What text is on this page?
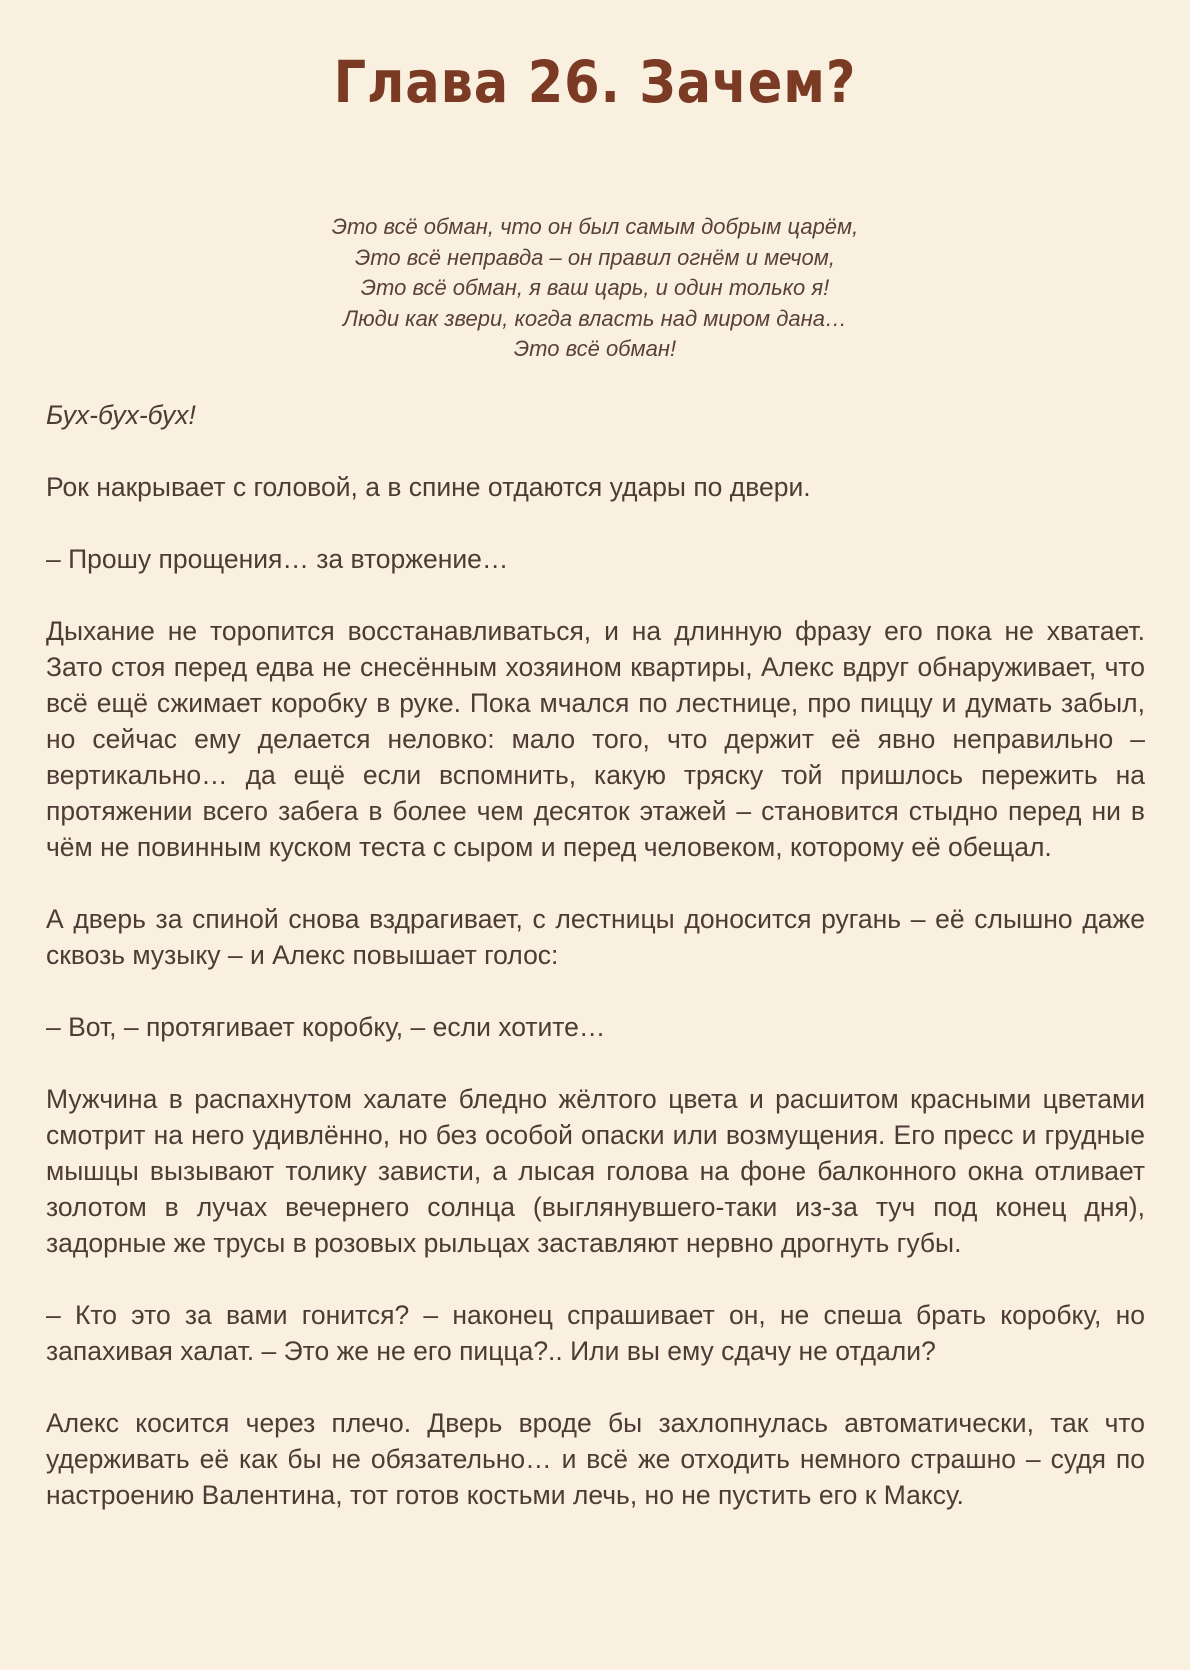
Глава 26. Зачем?
Это всё обман, что он был самым добрым царём,
Это всё неправда – он правил огнём и мечом,
Это всё обман, я ваш царь, и один только я!
Люди как звери, когда власть над миром дана…
Это всё обман!

Бух-бух-бух!

Рок накрывает с головой, а в спине отдаются удары по двери.

– Прошу прощения… за вторжение…

Дыхание не торопится восстанавливаться, и на длинную фразу его пока не хватает. Зато стоя перед едва не снесённым хозяином квартиры, Алекс вдруг обнаруживает, что всё ещё сжимает коробку в руке. Пока мчался по лестнице, про пиццу и думать забыл, но сейчас ему делается неловко: мало того, что держит её явно неправильно – вертикально… да ещё если вспомнить, какую тряску той пришлось пережить на протяжении всего забега в более чем десяток этажей – становится стыдно перед ни в чём не повинным куском теста с сыром и перед человеком, которому её обещал.

А дверь за спиной снова вздрагивает, с лестницы доносится ругань – её слышно даже сквозь музыку – и Алекс повышает голос:

– Вот, – протягивает коробку, – если хотите…

Мужчина в распахнутом халате бледно жёлтого цвета и расшитом красными цветами смотрит на него удивлённо, но без особой опаски или возмущения. Его пресс и грудные мышцы вызывают толику зависти, а лысая голова на фоне балконного окна отливает золотом в лучах вечернего солнца (выглянувшего-таки из-за туч под конец дня), задорные же трусы в розовых рыльцах заставляют нервно дрогнуть губы.

– Кто это за вами гонится? – наконец спрашивает он, не спеша брать коробку, но запахивая халат. – Это же не его пицца?.. Или вы ему сдачу не отдали?

Алекс косится через плечо. Дверь вроде бы захлопнулась автоматически, так что удерживать её как бы не обязательно… и всё же отходить немного страшно – судя по настроению Валентина, тот готов костьми лечь, но не пустить его к Максу.
